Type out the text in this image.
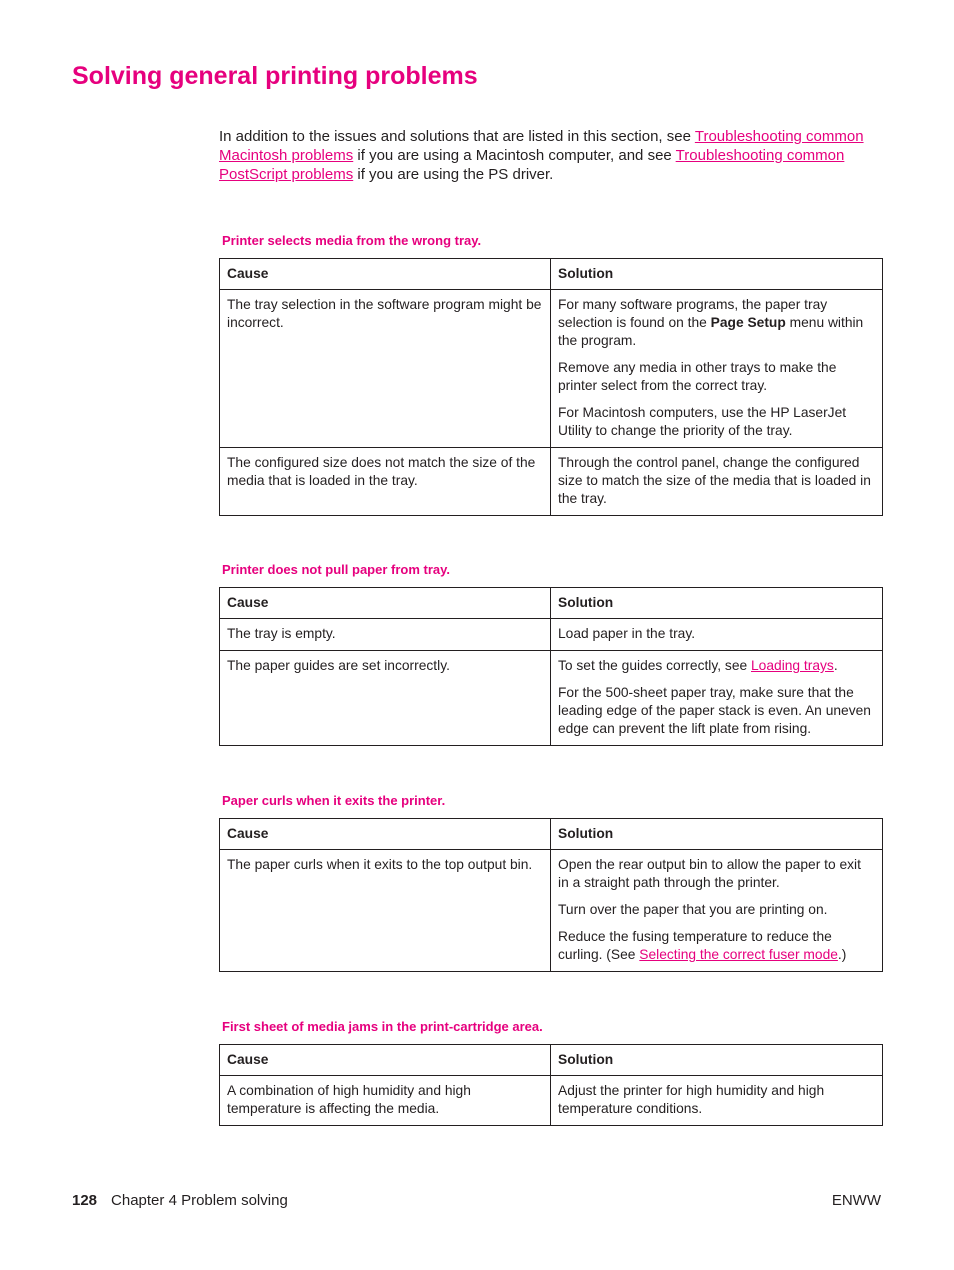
Solving general printing problems
In addition to the issues and solutions that are listed in this section, see Troubleshooting common Macintosh problems if you are using a Macintosh computer, and see Troubleshooting common PostScript problems if you are using the PS driver.
Printer selects media from the wrong tray.
Cause	Solution

The tray selection in the software program might be incorrect.	For many software programs, the paper tray selection is found on the Page Setup menu within the program.

Remove any media in other trays to make the printer select from the correct tray.

For Macintosh computers, use the HP LaserJet Utility to change the priority of the tray.

The configured size does not match the size of the media that is loaded in the tray.	Through the control panel, change the configured size to match the size of the media that is loaded in the tray.

Printer does not pull paper from tray.
Cause	Solution

The tray is empty.	Load paper in the tray.

The paper guides are set incorrectly.	To set the guides correctly, see Loading trays.

For the 500-sheet paper tray, make sure that the leading edge of the paper stack is even. An uneven edge can prevent the lift plate from rising.

Paper curls when it exits the printer.
Cause	Solution

The paper curls when it exits to the top output bin.	Open the rear output bin to allow the paper to exit in a straight path through the printer.

Turn over the paper that you are printing on.

Reduce the fusing temperature to reduce the curling. (See Selecting the correct fuser mode.)

First sheet of media jams in the print-cartridge area.
Cause	Solution

A combination of high humidity and high temperature is affecting the media.	Adjust the printer for high humidity and high temperature conditions.

128 Chapter 4 Problem solving	ENWW
